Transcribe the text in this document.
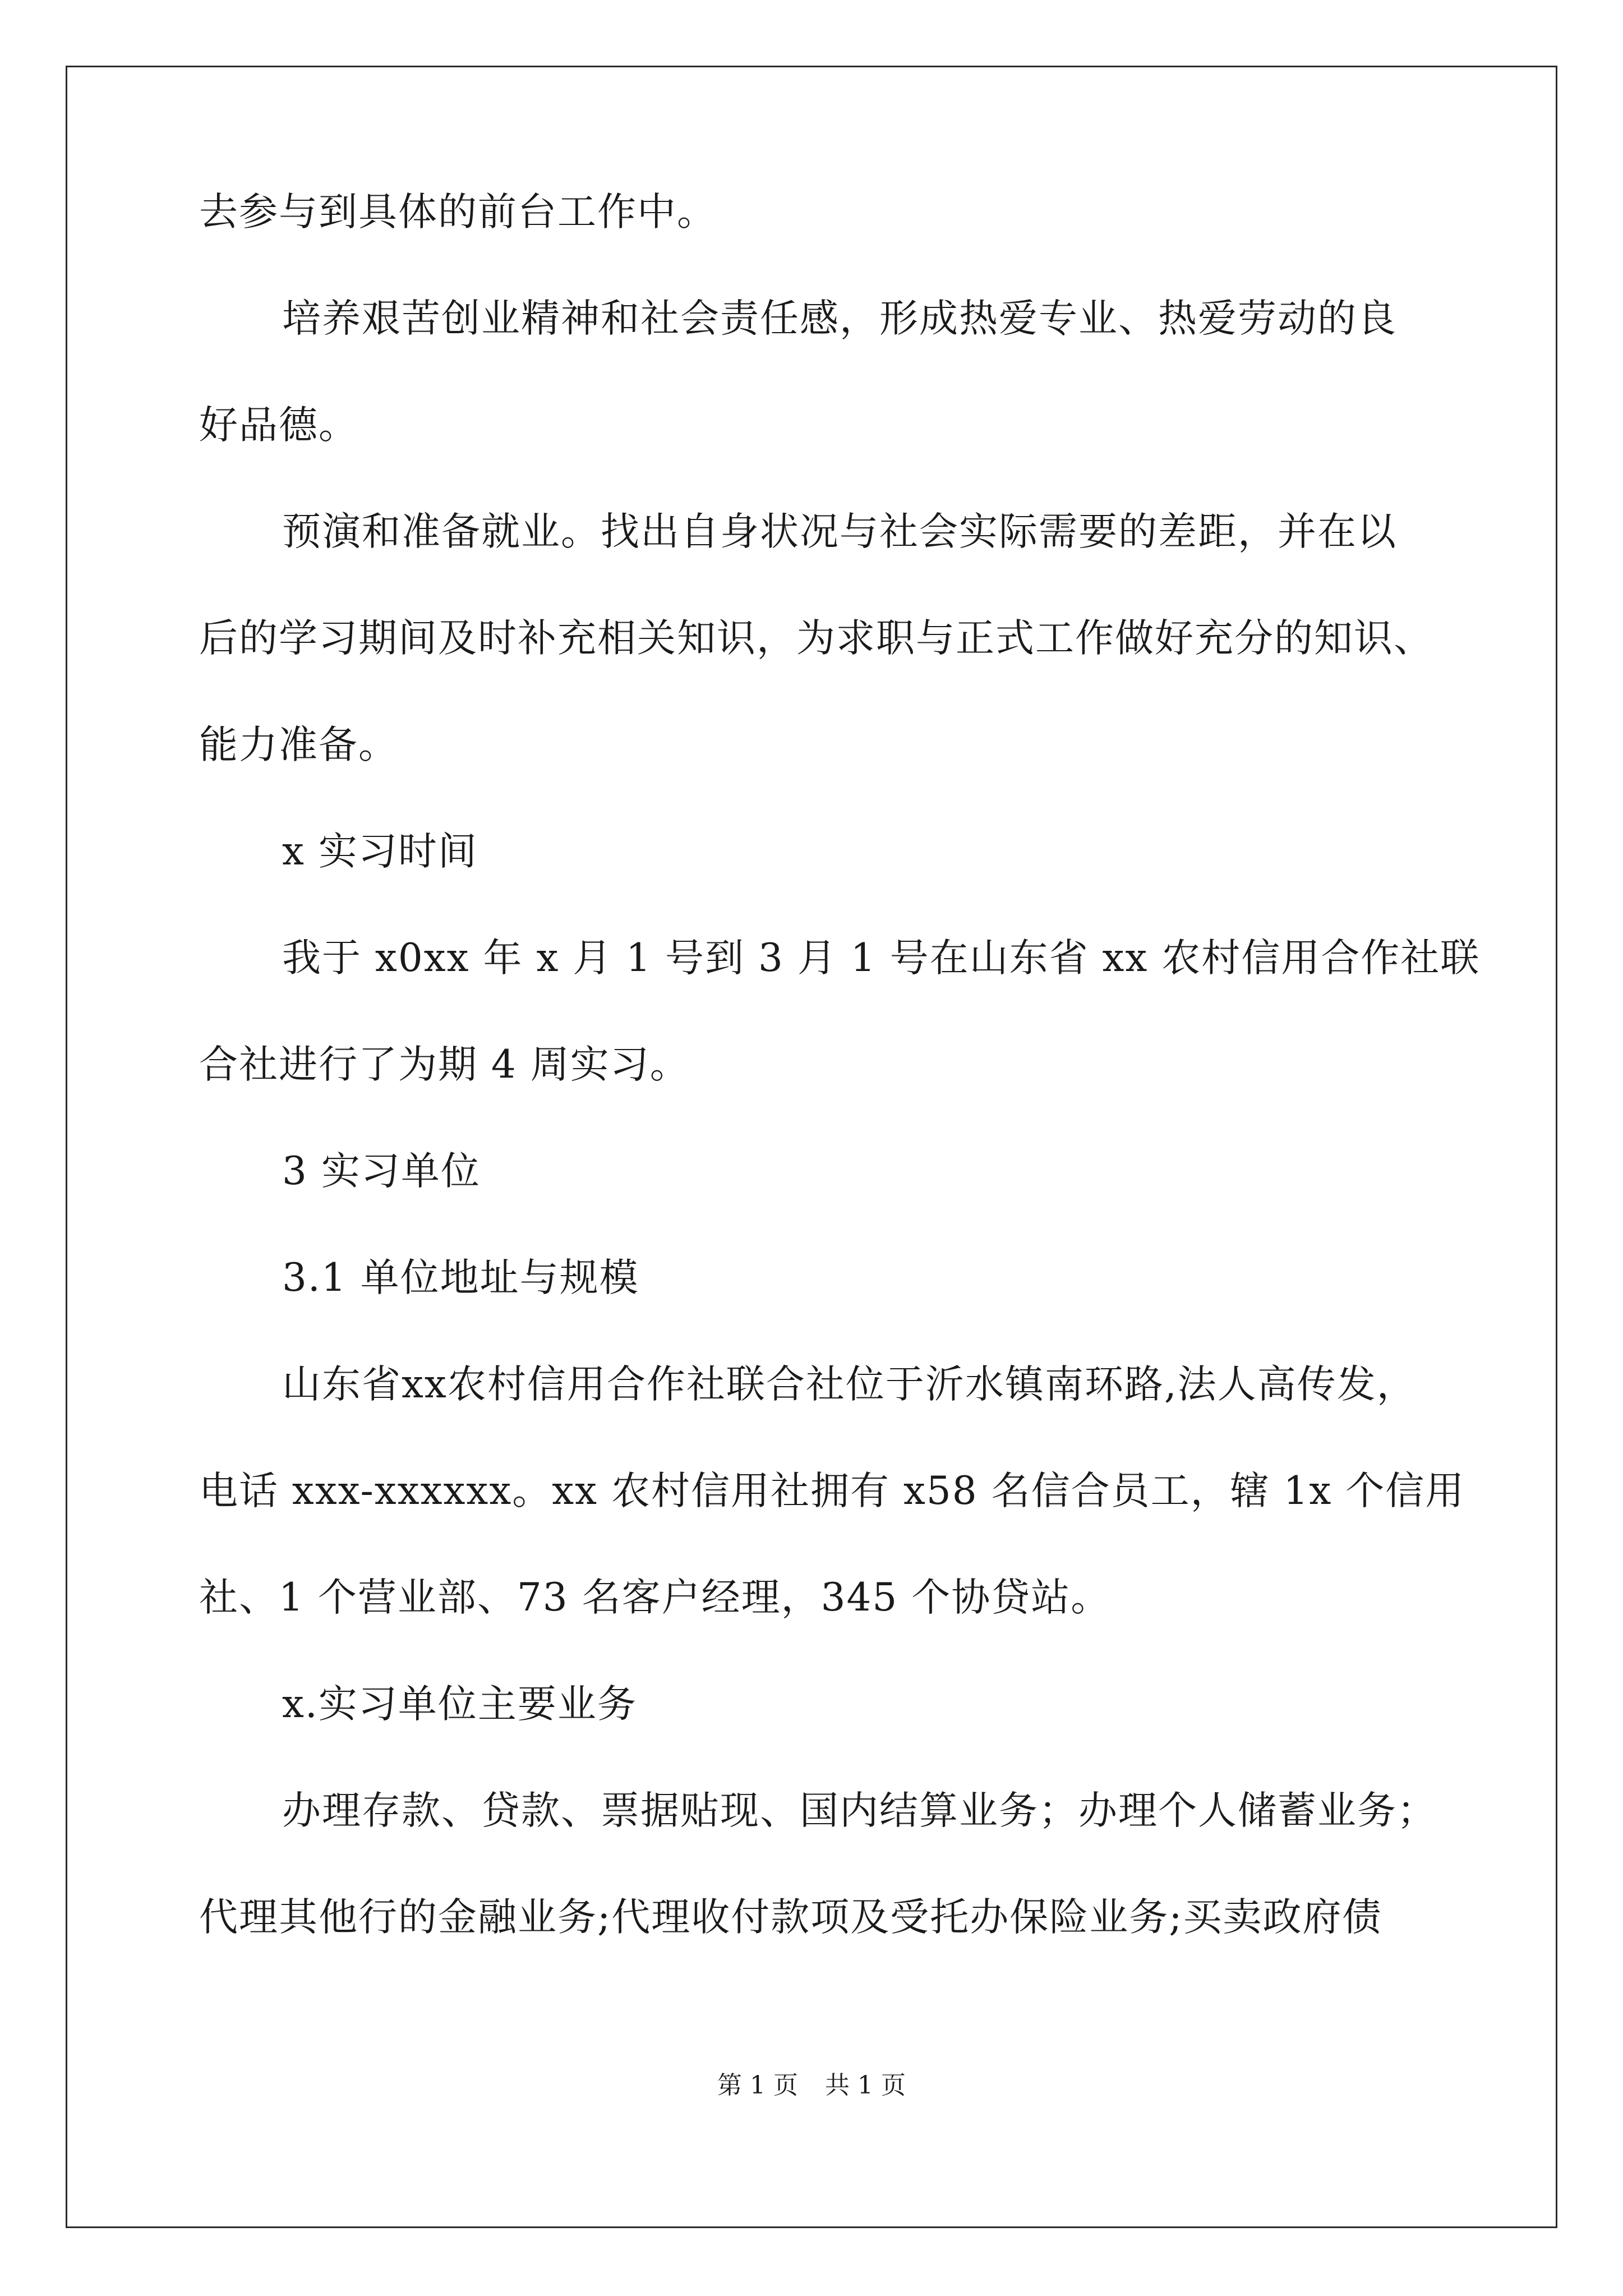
去参与到具体的前台工作中。
培养艰苦创业精神和社会责任感，形成热爱专业、热爱劳动的良
好品德。
预演和准备就业。找出自身状况与社会实际需要的差距，并在以
后的学习期间及时补充相关知识，为求职与正式工作做好充分的知识、
能力准备。
x 实习时间
我于 x0xx 年 x 月 1 号到 3 月 1 号在山东省 xx 农村信用合作社联
合社进行了为期 4 周实习。
3 实习单位
3.1 单位地址与规模
山东省xx农村信用合作社联合社位于沂水镇南环路,法人高传发，
电话 xxx-xxxxxx。xx 农村信用社拥有 x58 名信合员工，辖 1x 个信用
社、1 个营业部、73 名客户经理，345 个协贷站。
x.实习单位主要业务
办理存款、贷款、票据贴现、国内结算业务；办理个人储蓄业务；
代理其他行的金融业务;代理收付款项及受托办保险业务;买卖政府债
第 1 页 共 1 页
